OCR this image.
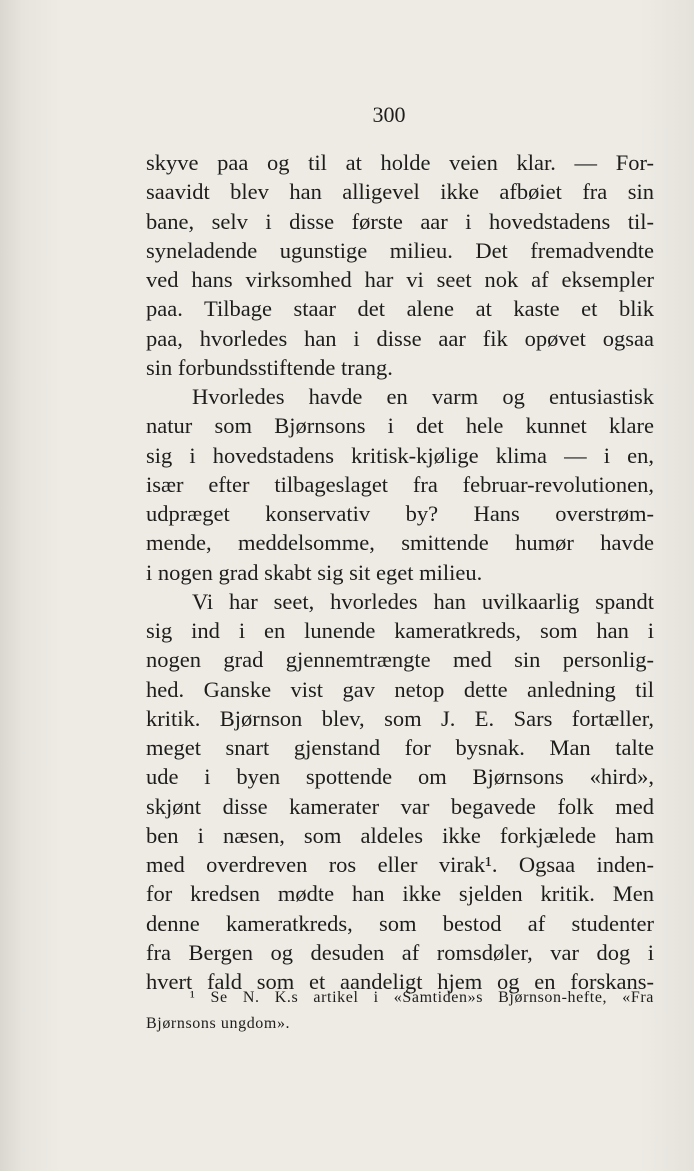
300
skyve paa og til at holde veien klar. — For-
saavidt blev han alligevel ikke afbøiet fra sin
bane, selv i disse første aar i hovedstadens til-
syneladende ugunstige milieu. Det fremadvendte
ved hans virksomhed har vi seet nok af eksempler
paa. Tilbage staar det alene at kaste et blik
paa, hvorledes han i disse aar fik opøvet ogsaa
sin forbundsstiftende trang.
Hvorledes havde en varm og entusiastisk
natur som Bjørnsons i det hele kunnet klare
sig i hovedstadens kritisk-kjølige klima — i en,
især efter tilbageslaget fra februar-revolutionen,
udpræget konservativ by? Hans overstrøm-
mende, meddelsomme, smittende humør havde
i nogen grad skabt sig sit eget milieu.
Vi har seet, hvorledes han uvilkaarlig spandt
sig ind i en lunende kameratkreds, som han i
nogen grad gjennemtrængte med sin personlig-
hed. Ganske vist gav netop dette anledning til
kritik. Bjørnson blev, som J. E. Sars fortæller,
meget snart gjenstand for bysnak. Man talte
ude i byen spottende om Bjørnsons «hird»,
skjønt disse kamerater var begavede folk med
ben i næsen, som aldeles ikke forkjælede ham
med overdreven ros eller virak¹. Ogsaa inden-
for kredsen mødte han ikke sjelden kritik. Men
denne kameratkreds, som bestod af studenter
fra Bergen og desuden af romsdøler, var dog i
hvert fald som et aandeligt hjem og en forskans-
¹ Se N. K.s artikel i «Samtiden»s Bjørnson-hefte, «Fra
Bjørnsons ungdom».
